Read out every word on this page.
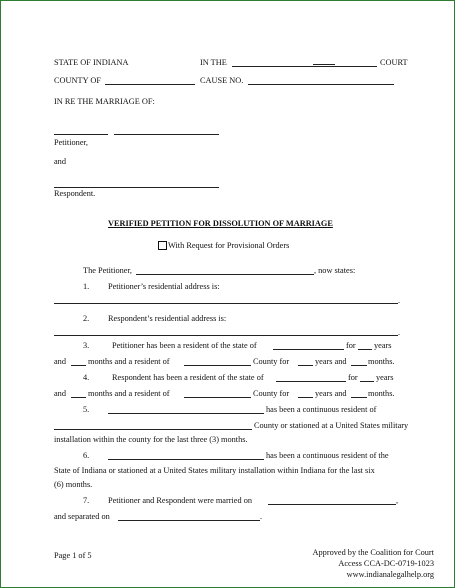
STATE OF INDIANA	IN THE	COURT
COUNTY OF	CAUSE NO.
IN RE THE MARRIAGE OF:
Petitioner,
and
Respondent.
VERIFIED PETITION FOR DISSOLUTION OF MARRIAGE
With Request for Provisional Orders
The Petitioner,	, now states:
1. Petitioner’s residential address is:
.
2. Respondent’s residential address is:
.
3.	Petitioner has been a resident of the state of	for years
and	months and a resident of	County for	years and	months.
4.	Respondent has been a resident of the state of	for years
and	months and a resident of	County for	years and	months.
5.	has been a continuous resident of
County or stationed at a United States military
installation within the county for the last three (3) months.
6.	has been a continuous resident of the
State of Indiana or stationed at a United States military installation within Indiana for the last six
(6) months.
7. Petitioner and Respondent were married on	,
and separated on	.
Page 1 of 5	Approved by the Coalition for Court
Access CCA-DC-0719-1023
www.indianalegalhelp.org
